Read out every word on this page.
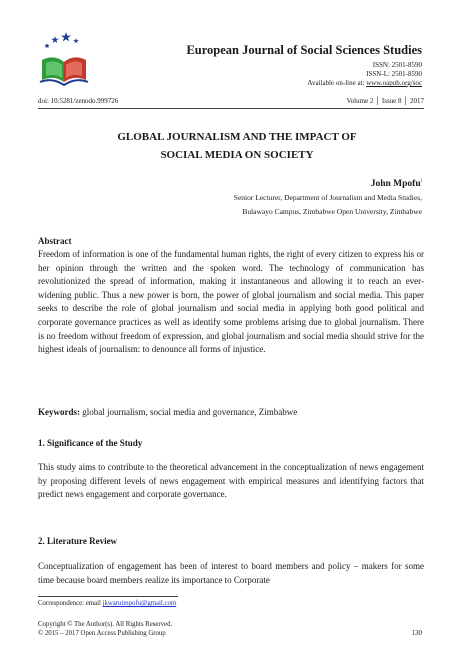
European Journal of Social Sciences Studies
ISSN: 2501-8590
ISSN-L: 2501-8590
Available on-line at: www.oapub.org/soc
doi: 10.5281/zenodo.999726	Volume 2 │ Issue 8 │ 2017
GLOBAL JOURNALISM AND THE IMPACT OF
SOCIAL MEDIA ON SOCIETY
John Mpofu$^i$
Senior Lecturer, Department of Journalism and Media Studies,
Bulawayo Campus, Zimbabwe Open University, Zimbabwe
Abstract
Freedom of information is one of the fundamental human rights, the right of every citizen to express his or her opinion through the written and the spoken word. The technology of communication has revolutionized the spread of information, making it instantaneous and allowing it to reach an ever-widening public. Thus a new power is born, the power of global journalism and social media. This paper seeks to describe the role of global journalism and social media in applying both good political and corporate governance practices as well as identify some problems arising due to global journalism. There is no freedom without freedom of expression, and global journalism and social media should strive for the highest ideals of journalism: to denounce all forms of injustice.
Keywords: global journalism, social media and governance, Zimbabwe
1. Significance of the Study
This study aims to contribute to the theoretical advancement in the conceptualization of news engagement by proposing different levels of news engagement with empirical measures and identifying factors that predict news engagement and corporate governance.
2. Literature Review
Conceptualization of engagement has been of interest to board members and policy – makers for some time because board members realize its importance to Corporate
Correspondence: email jkwaruimpofu@gmail.com
Copyright © The Author(s). All Rights Reserved.
© 2015 – 2017 Open Access Publishing Group	130
